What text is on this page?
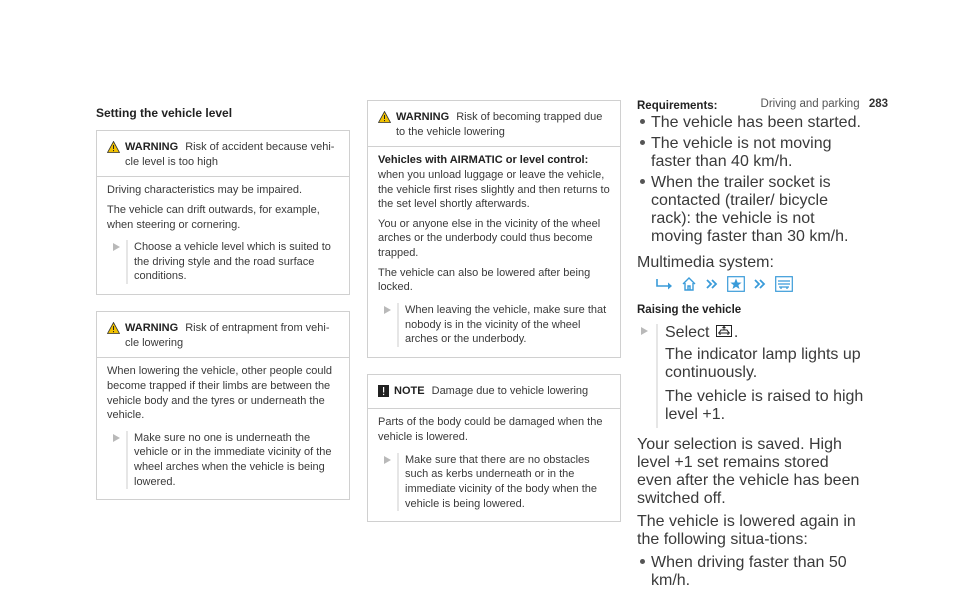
Driving and parking 283
Setting the vehicle level
WARNING Risk of accident because vehi-cle level is too high

Driving characteristics may be impaired.

The vehicle can drift outwards, for example, when steering or cornering.

Choose a vehicle level which is suited to the driving style and the road surface conditions.
WARNING Risk of entrapment from vehi-cle lowering

When lowering the vehicle, other people could become trapped if their limbs are between the vehicle body and the tyres or underneath the vehicle.

Make sure no one is underneath the vehicle or in the immediate vicinity of the wheel arches when the vehicle is being lowered.
WARNING Risk of becoming trapped due to the vehicle lowering

Vehicles with AIRMATIC or level control: when you unload luggage or leave the vehicle, the vehicle first rises slightly and then returns to the set level shortly afterwards.

You or anyone else in the vicinity of the wheel arches or the underbody could thus become trapped.

The vehicle can also be lowered after being locked.

When leaving the vehicle, make sure that nobody is in the vicinity of the wheel arches or the underbody.
NOTE Damage due to vehicle lowering

Parts of the body could be damaged when the vehicle is lowered.

Make sure that there are no obstacles such as kerbs underneath or in the immediate vicinity of the body when the vehicle is being lowered.
Requirements:
The vehicle has been started.
The vehicle is not moving faster than 40 km/h.
When the trailer socket is contacted (trailer/ bicycle rack): the vehicle is not moving faster than 30 km/h.
Multimedia system:
Raising the vehicle

Select .

The indicator lamp lights up continuously.

The vehicle is raised to high level +1.

Your selection is saved. High level +1 set remains stored even after the vehicle has been switched off.

The vehicle is lowered again in the following situa-tions:

When driving faster than 50 km/h.
